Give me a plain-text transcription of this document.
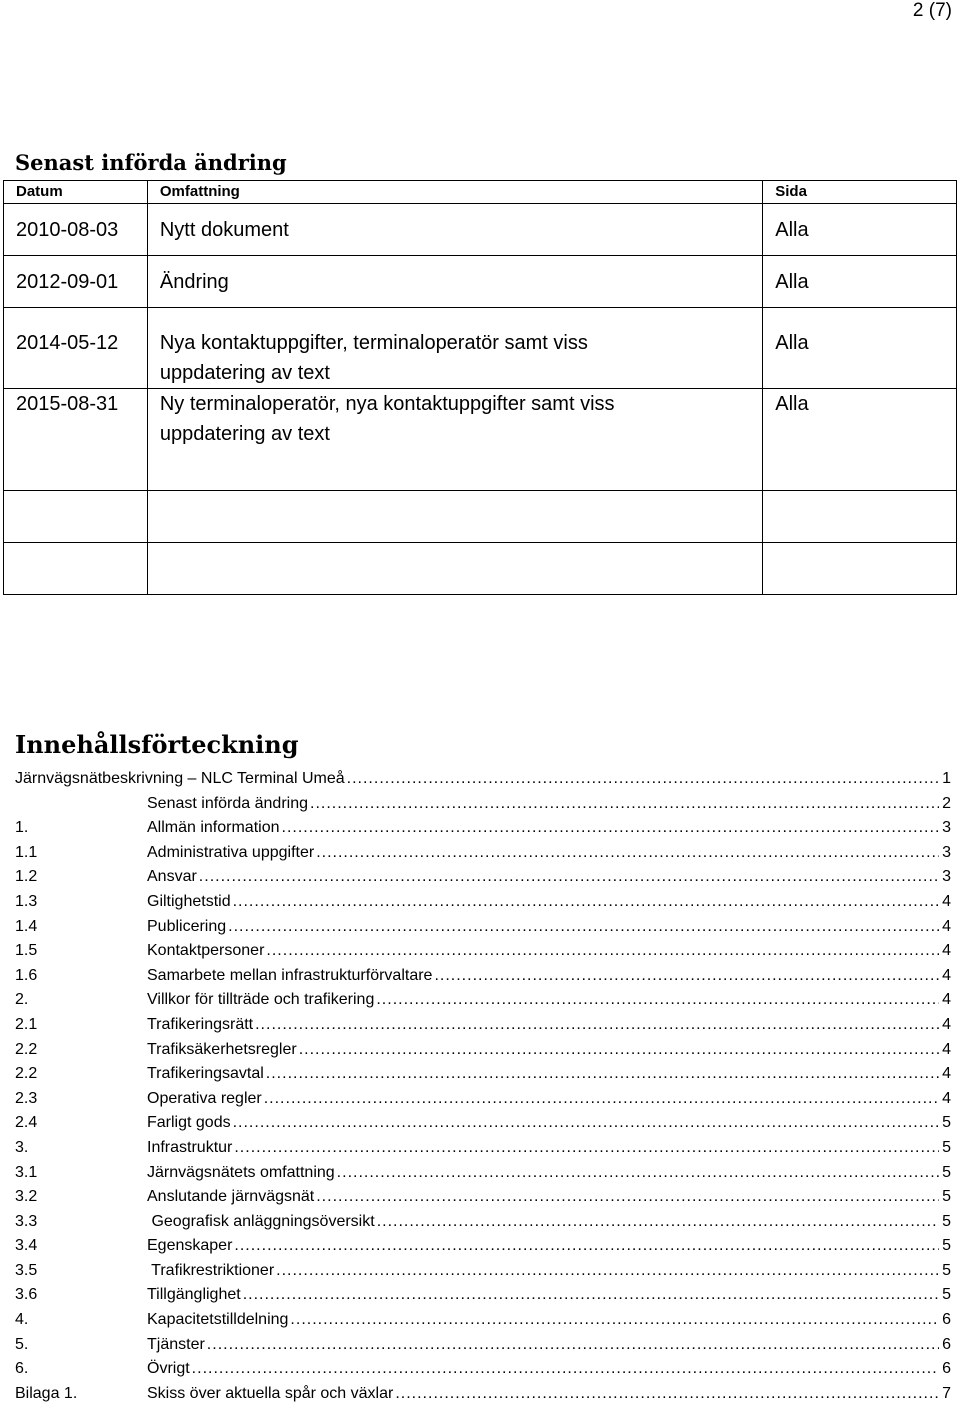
2 (7)
Senast införda ändring
Datum	Omfattning	Sida
2010-08-03	Nytt dokument	Alla
2012-09-01	Ändring	Alla
2014-05-12	Nya kontaktuppgifter, terminaloperatör samt viss uppdatering av text	Alla
2015-08-31	Ny terminaloperatör, nya kontaktuppgifter samt viss uppdatering av text	Alla

Innehållsförteckning
Järnvägsnätbeskrivning – NLC Terminal Umeå .....	1
Senast införda ändring .....	2
1.	Allmän information .....	3
1.1	Administrativa uppgifter .....	3
1.2	Ansvar .....	3
1.3	Giltighetstid .....	4
1.4	Publicering .....	4
1.5	Kontaktpersoner .....	4
1.6	Samarbete mellan infrastrukturförvaltare .....	4
2.	Villkor för tillträde och trafikering .....	4
2.1	Trafikeringsrätt .....	4
2.2	Trafiksäkerhetsregler .....	4
2.2	Trafikeringsavtal .....	4
2.3	Operativa regler .....	4
2.4	Farligt gods .....	5
3.	Infrastruktur .....	5
3.1	Järnvägsnätets omfattning .....	5
3.2	Anslutande järnvägsnät .....	5
3.3	Geografisk anläggningsöversikt .....	5
3.4	Egenskaper .....	5
3.5	Trafikrestriktioner .....	5
3.6	Tillgänglighet .....	5
4.	Kapacitetstilldelning .....	6
5.	Tjänster .....	6
6.	Övrigt .....	6
Bilaga 1.	Skiss över aktuella spår och växlar .....	7
